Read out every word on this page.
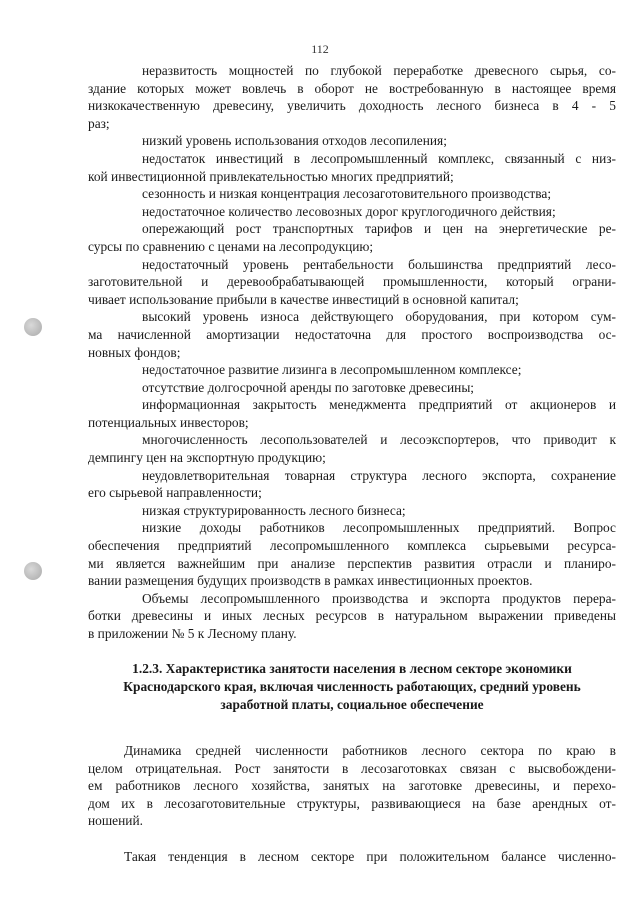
112
неразвитость мощностей по глубокой переработке древесного сырья, со-
здание которых может вовлечь в оборот не востребованную в настоящее время
низкокачественную древесину, увеличить доходность лесного бизнеса в 4 - 5
раз;
низкий уровень использования отходов лесопиления;
недостаток инвестиций в лесопромышленный комплекс, связанный с низ-
кой инвестиционной привлекательностью многих предприятий;
сезонность и низкая концентрация лесозаготовительного производства;
недостаточное количество лесовозных дорог круглогодичного действия;
опережающий рост транспортных тарифов и цен на энергетические ре-
сурсы по сравнению с ценами на лесопродукцию;
недостаточный уровень рентабельности большинства предприятий лесо-
заготовительной и деревообрабатывающей промышленности, который ограни-
чивает использование прибыли в качестве инвестиций в основной капитал;
высокий уровень износа действующего оборудования, при котором сум-
ма начисленной амортизации недостаточна для простого воспроизводства ос-
новных фондов;
недостаточное развитие лизинга в лесопромышленном комплексе;
отсутствие долгосрочной аренды по заготовке древесины;
информационная закрытость менеджмента предприятий от акционеров и
потенциальных инвесторов;
многочисленность лесопользователей и лесоэкспортеров, что приводит к
демпингу цен на экспортную продукцию;
неудовлетворительная товарная структура лесного экспорта, сохранение
его сырьевой направленности;
низкая структурированность лесного бизнеса;
низкие доходы работников лесопромышленных предприятий. Вопрос
обеспечения предприятий лесопромышленного комплекса сырьевыми ресурса-
ми является важнейшим при анализе перспектив развития отрасли и планиро-
вании размещения будущих производств в рамках инвестиционных проектов.
Объемы лесопромышленного производства и экспорта продуктов перера-
ботки древесины и иных лесных ресурсов в натуральном выражении приведены
в приложении № 5 к Лесному плану.
1.2.3. Характеристика занятости населения в лесном секторе экономики
Краснодарского края, включая численность работающих, средний уровень
заработной платы, социальное обеспечение
Динамика средней численности работников лесного сектора по краю в
целом отрицательная. Рост занятости в лесозаготовках связан с высвобождени-
ем работников лесного хозяйства, занятых на заготовке древесины, и перехо-
дом их в лесозаготовительные структуры, развивающиеся на базе арендных от-
ношений.
Такая тенденция в лесном секторе при положительном балансе численно-
